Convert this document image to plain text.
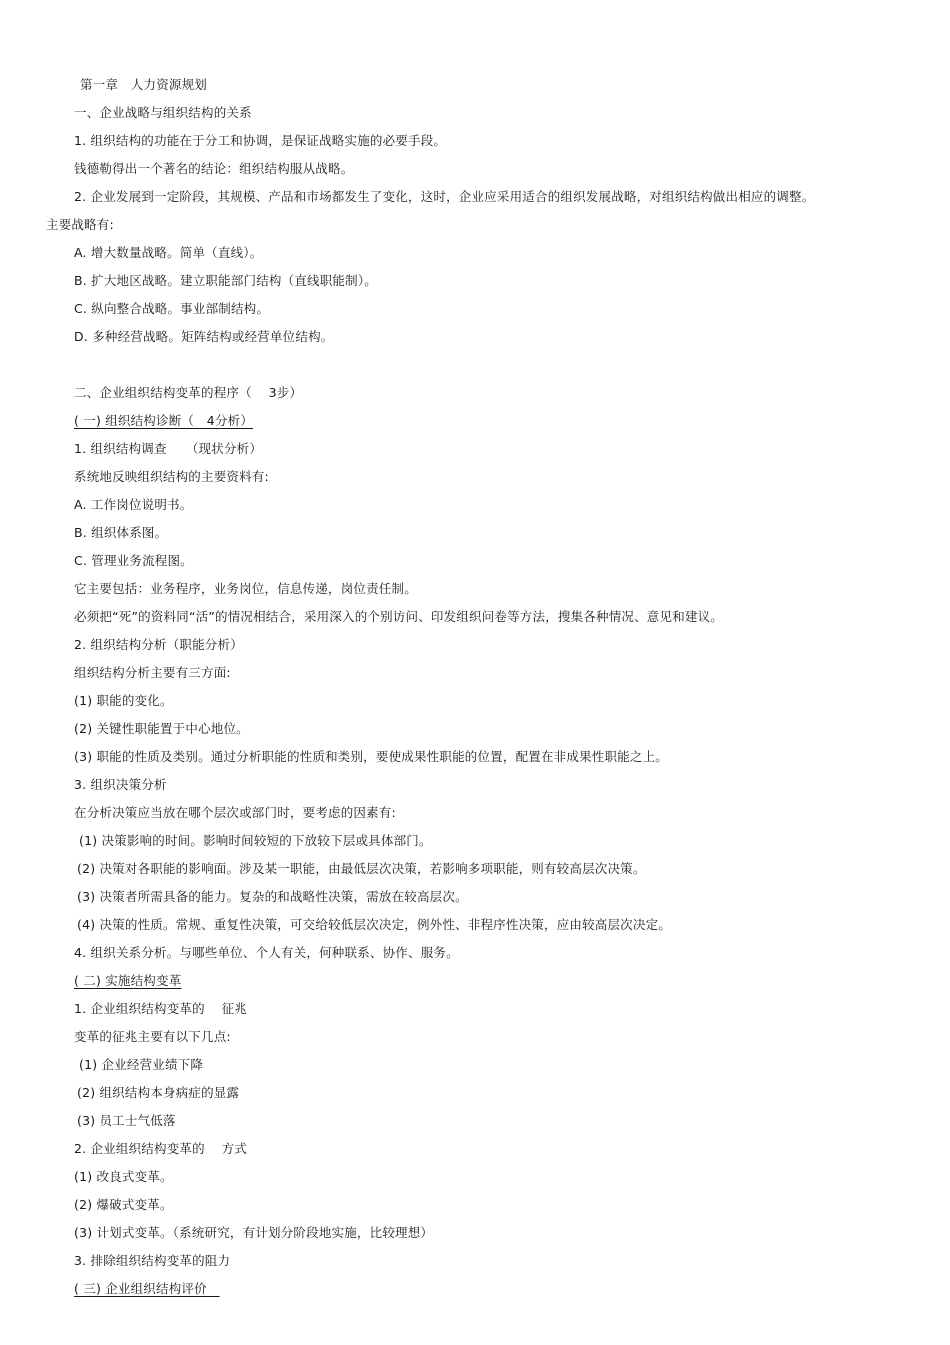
第一章　人力资源规划
一、企业战略与组织结构的关系
1. 组织结构的功能在于分工和协调，是保证战略实施的必要手段。
钱德勒得出一个著名的结论：组织结构服从战略。
2. 企业发展到一定阶段，其规模、产品和市场都发生了变化，这时，企业应采用适合的组织发展战略，对组织结构做出相应的调整。
主要战略有:
A. 增大数量战略。简单（直线）。
B. 扩大地区战略。建立职能部门结构（直线职能制）。
C. 纵向整合战略。事业部制结构。
D. 多种经营战略。矩阵结构或经营单位结构。
二、企业组织结构变革的程序（　 3步）
( 一) 组织结构诊断（　4分析）
1. 组织结构调查　　（现状分析）
系统地反映组织结构的主要资料有:
A. 工作岗位说明书。
B. 组织体系图。
C. 管理业务流程图。
它主要包括：业务程序，业务岗位，信息传递，岗位责任制。
必须把“死”的资料同“活”的情况相结合，采用深入的个别访问、印发组织问卷等方法，搜集各种情况、意见和建议。
2. 组织结构分析（职能分析）
组织结构分析主要有三方面:
(1) 职能的变化。
(2) 关键性职能置于中心地位。
(3) 职能的性质及类别。通过分析职能的性质和类别，要使成果性职能的位置，配置在非成果性职能之上。
3. 组织决策分析
在分析决策应当放在哪个层次或部门时，要考虑的因素有:
(1) 决策影响的时间。影响时间较短的下放较下层或具体部门。
(2) 决策对各职能的影响面。涉及某一职能，由最低层次决策，若影响多项职能，则有较高层次决策。
(3) 决策者所需具备的能力。复杂的和战略性决策，需放在较高层次。
(4) 决策的性质。常规、重复性决策，可交给较低层次决定，例外性、非程序性决策，应由较高层次决定。
4. 组织关系分析。与哪些单位、个人有关，何种联系、协作、服务。
( 二) 实施结构变革
1. 企业组织结构变革的　 征兆
变革的征兆主要有以下几点:
(1) 企业经营业绩下降
(2) 组织结构本身病症的显露
(3) 员工士气低落
2. 企业组织结构变革的　 方式
(1) 改良式变革。
(2) 爆破式变革。
(3) 计划式变革。（系统研究，有计划分阶段地实施，比较理想）
3. 排除组织结构变革的阻力
( 三) 企业组织结构评价　
